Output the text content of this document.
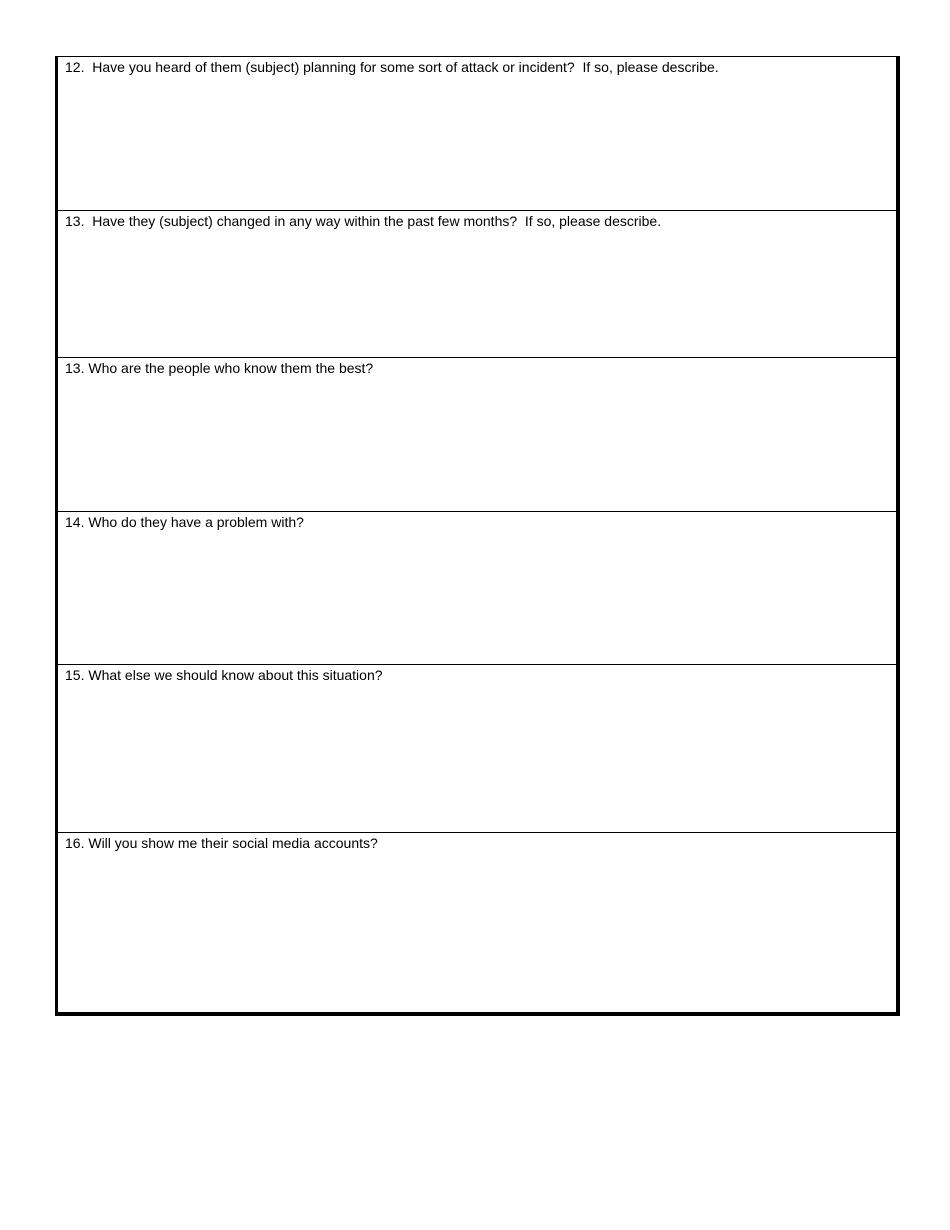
12.  Have you heard of them (subject) planning for some sort of attack or incident?  If so, please describe.
13.  Have they (subject) changed in any way within the past few months?  If so, please describe.
13. Who are the people who know them the best?
14. Who do they have a problem with?
15. What else we should know about this situation?
16. Will you show me their social media accounts?
